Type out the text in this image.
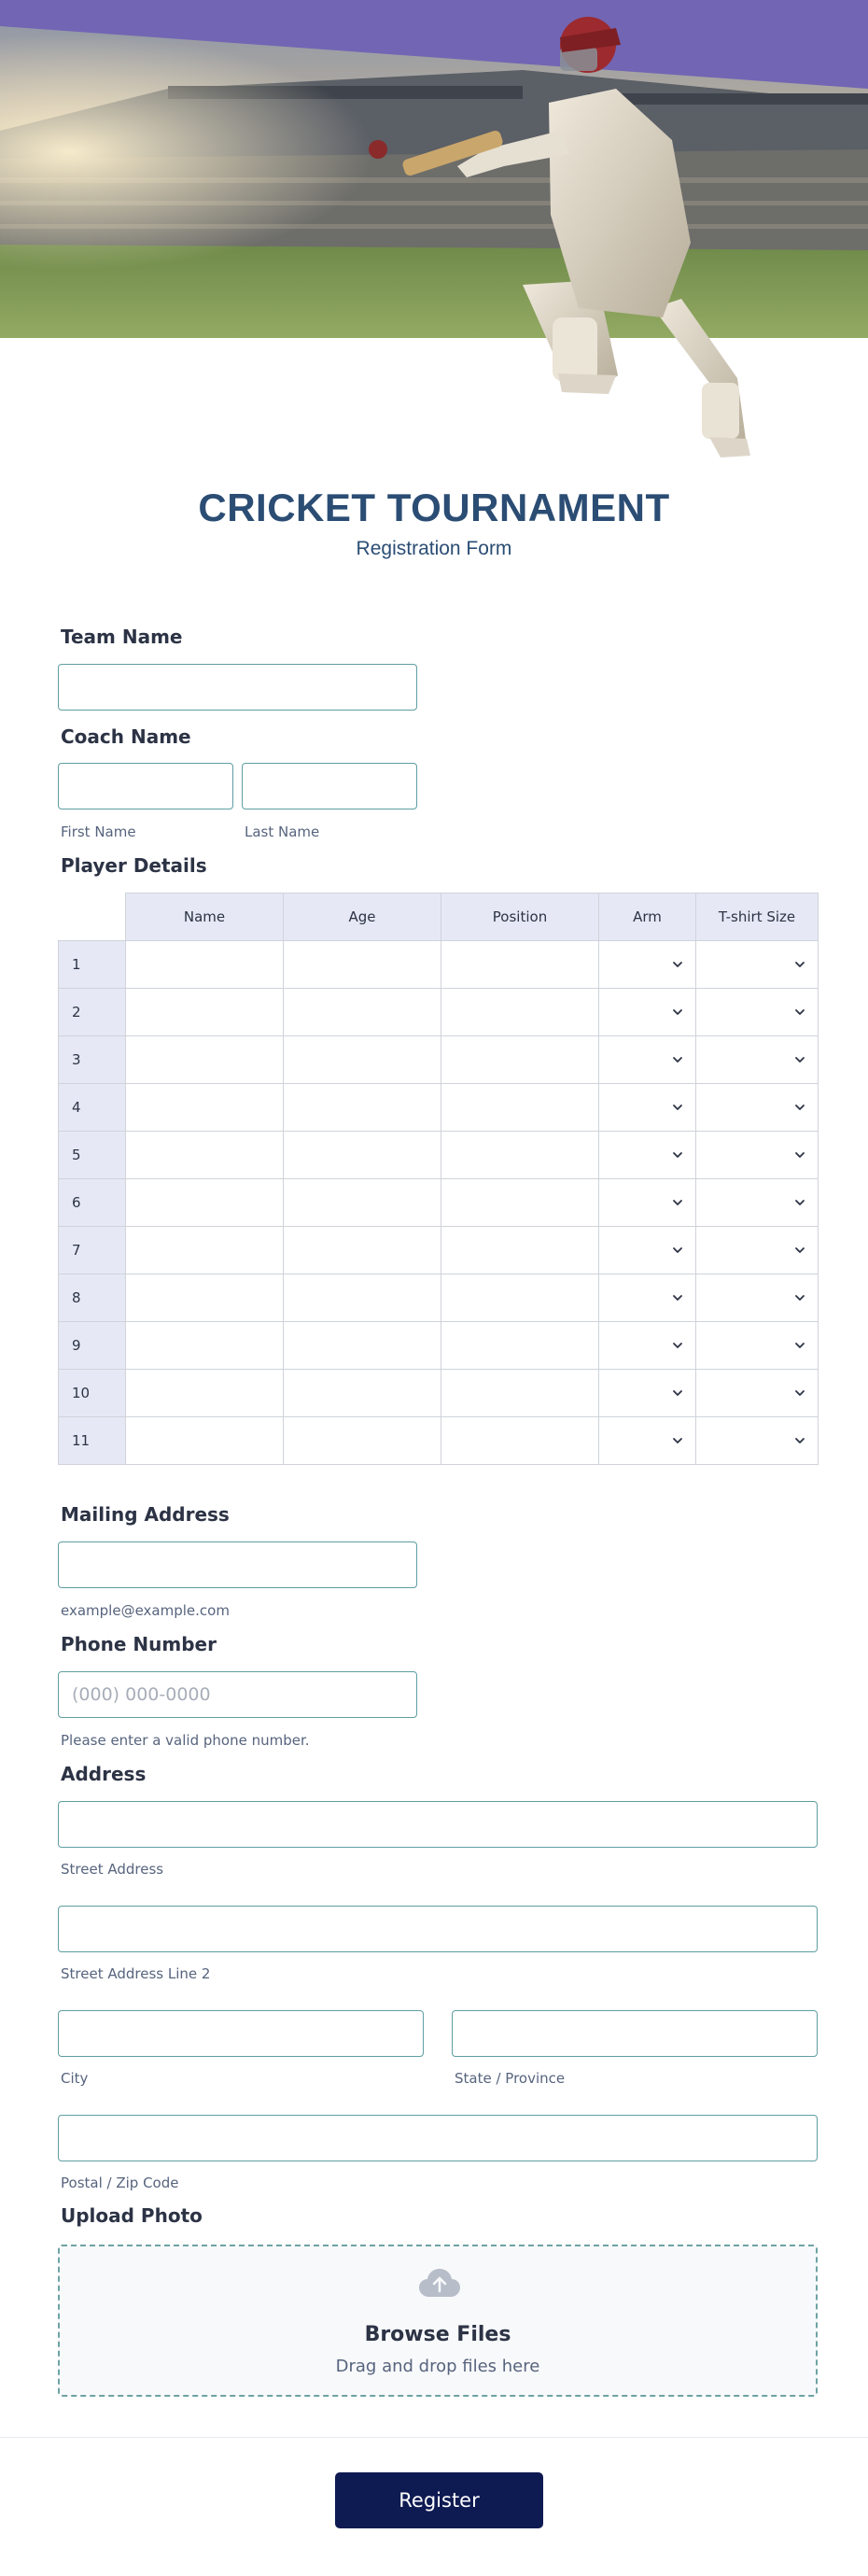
CRICKET TOURNAMENT
Registration Form
Team Name
Coach Name
First Name	Last Name
Player Details
Name	Age	Position	Arm	T-shirt Size
1
2
3
4
5
6
7
8
9
10
11
Mailing Address
example@example.com
Phone Number
(000) 000-0000
Please enter a valid phone number.
Address
Street Address
Street Address Line 2
City	State / Province
Postal / Zip Code
Upload Photo
Browse Files
Drag and drop files here
Register
